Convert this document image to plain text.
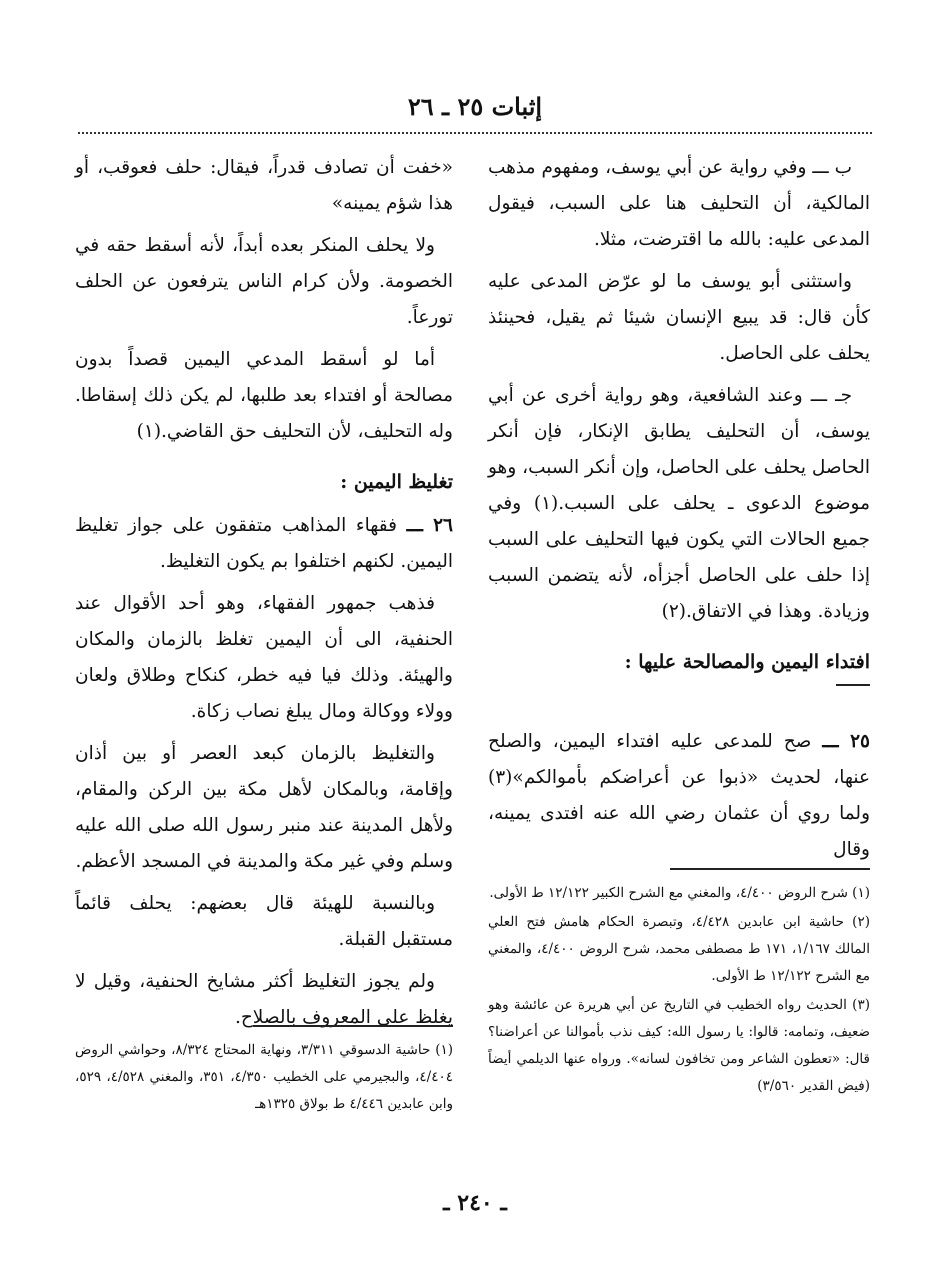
إثبات ٢٥ ـ ٢٦

ب ـــ وفي رواية عن أبي يوسف، ومفهوم مذهب المالكية، أن التحليف هنا على السبب، فيقول المدعى عليه: بالله ما اقترضت، مثلا.

واستثنى أبو يوسف ما لو عرّض المدعى عليه كأن قال: قد يبيع الإنسان شيئا ثم يقيل، فحينئذ يحلف على الحاصل.

جـ ـــ وعند الشافعية، وهو رواية أخرى عن أبي يوسف، أن التحليف يطابق الإنكار، فإن أنكر الحاصل يحلف على الحاصل، وإن أنكر السبب، وهو موضوع الدعوى ـ يحلف على السبب.(١) وفي جميع الحالات التي يكون فيها التحليف على السبب إذا حلف على الحاصل أجزأه، لأنه يتضمن السبب وزيادة. وهذا في الاتفاق.(٢)

افتداء اليمين والمصالحة عليها :

٢٥ ـــ صح للمدعى عليه افتداء اليمين، والصلح عنها، لحديث «ذبوا عن أعراضكم بأموالكم»(٣) ولما روي أن عثمان رضي الله عنه افتدى يمينه، وقال

«خفت أن تصادف قدراً، فيقال: حلف فعوقب، أو هذا شؤم يمينه»

ولا يحلف المنكر بعده أبداً، لأنه أسقط حقه في الخصومة. ولأن كرام الناس يترفعون عن الحلف تورعاً.

أما لو أسقط المدعي اليمين قصداً بدون مصالحة أو افتداء بعد طلبها، لم يكن ذلك إسقاطا. وله التحليف، لأن التحليف حق القاضي.(١)

تغليظ اليمين :

٢٦ ـــ فقهاء المذاهب متفقون على جواز تغليظ اليمين. لكنهم اختلفوا بم يكون التغليظ.

فذهب جمهور الفقهاء، وهو أحد الأقوال عند الحنفية، الى أن اليمين تغلظ بالزمان والمكان والهيئة. وذلك فيا فيه خطر، كنكاح وطلاق ولعان وولاء ووكالة ومال يبلغ نصاب زكاة.

والتغليظ بالزمان كبعد العصر أو بين أذان وإقامة، وبالمكان لأهل مكة بين الركن والمقام، ولأهل المدينة عند منبر رسول الله صلى الله عليه وسلم وفي غير مكة والمدينة في المسجد الأعظم.

وبالنسبة للهيئة قال بعضهم: يحلف قائماً مستقبل القبلة.

ولم يجوز التغليظ أكثر مشايخ الحنفية، وقيل لا يغلظ على المعروف بالصلاح.

(١) شرح الروض ٤/٤٠٠، والمغني مع الشرح الكبير ١٢/١٢٢ ط الأولى.

(٢) حاشية ابن عابدين ٤/٤٢٨، وتبصرة الحكام هامش فتح العلي المالك ١/١٦٧، ١٧١ ط مصطفى محمد، شرح الروض ٤/٤٠٠، والمغني مع الشرح ١٢/١٢٢ ط الأولى.

(٣) الحديث رواه الخطيب في التاريخ عن أبي هريرة عن عائشة وهو ضعيف، وتمامه: قالوا: يا رسول الله: كيف نذب بأموالنا عن أعراضنا؟ قال: «تعطون الشاعر ومن تخافون لسانه». ورواه عنها الديلمي أيضاً (فيض القدير ٣/٥٦٠)

(١) حاشية الدسوقي ٣/٣١١، ونهاية المحتاج ٨/٣٢٤، وحواشي الروض ٤/٤٠٤، والبجيرمي على الخطيب ٤/٣٥٠، ٣٥١، والمغني ٤/٥٢٨، ٥٢٩، وابن عابدين ٤/٤٤٦ ط بولاق ١٣٢٥هـ

ـ ٢٤٠ ـ
